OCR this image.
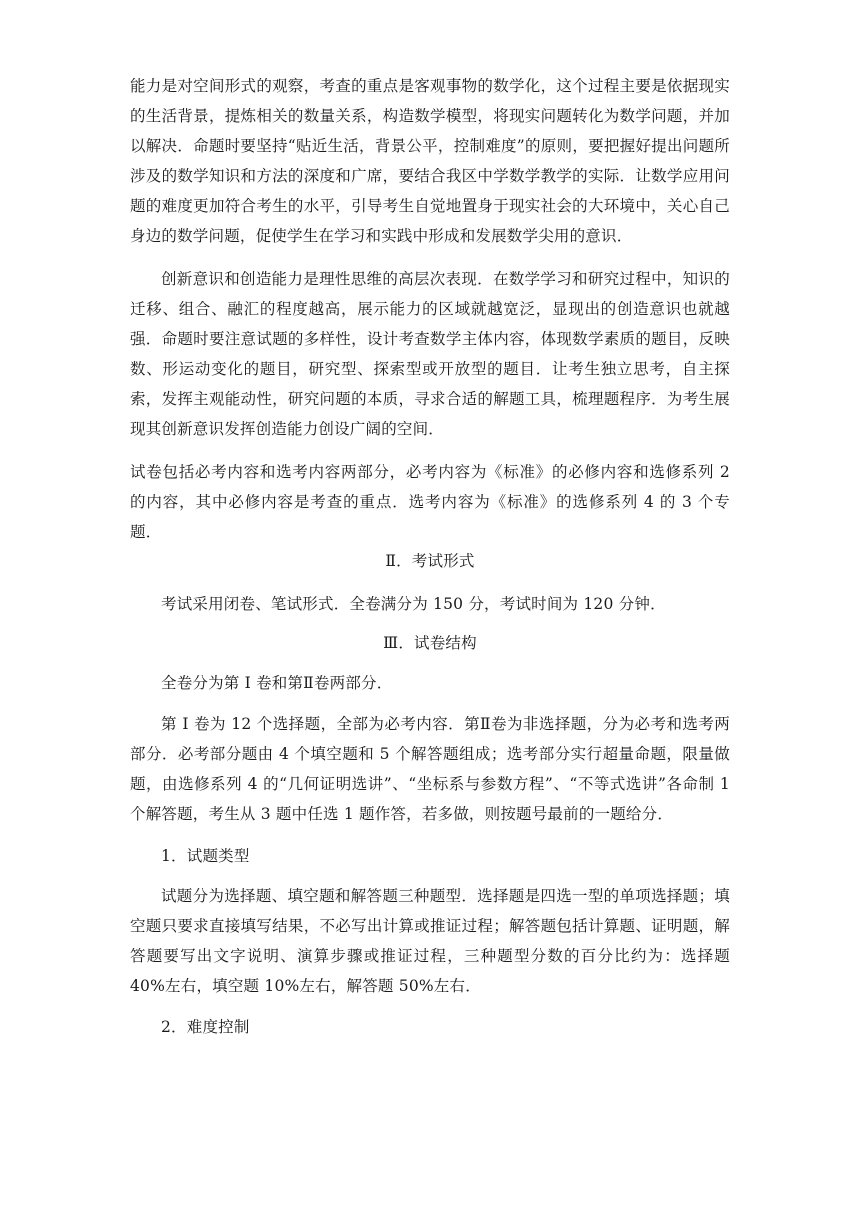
能力是对空间形式的观察，考查的重点是客观事物的数学化，这个过程主要是依据现实的生活背景，提炼相关的数量关系，构造数学模型，将现实问题转化为数学问题，并加以解决．命题时要坚持“贴近生活，背景公平，控制难度”的原则，要把握好提出问题所涉及的数学知识和方法的深度和广席，要结合我区中学数学教学的实际．让数学应用问题的难度更加符合考生的水平，引导考生自觉地置身于现实社会的大环境中，关心自己身边的数学问题，促使学生在学习和实践中形成和发展数学尖用的意识．

创新意识和创造能力是理性思维的高层次表现．在数学学习和研究过程中，知识的迁移、组合、融汇的程度越高，展示能力的区域就越宽泛，显现出的创造意识也就越强．命题时要注意试题的多样性，设计考查数学主体内容，体现数学素质的题目，反映数、形运动变化的题目，研究型、探索型或开放型的题目．让考生独立思考，自主探索，发挥主观能动性，研究问题的本质，寻求合适的解题工具，梳理题程序．为考生展现其创新意识发挥创造能力创设广阔的空间．

试卷包括必考内容和选考内容两部分，必考内容为《标准》的必修内容和选修系列 2 的内容，其中必修内容是考查的重点．选考内容为《标准》的选修系列 4 的 3 个专题．

Ⅱ．考试形式

考试采用闭卷、笔试形式．全卷满分为 150 分，考试时间为 120 分钟．

Ⅲ．试卷结构

全卷分为第 I 卷和第Ⅱ卷两部分．

第 I 卷为 12 个选择题，全部为必考内容．第Ⅱ卷为非选择题，分为必考和选考两部分．必考部分题由 4 个填空题和 5 个解答题组成；选考部分实行超量命题，限量做题，由选修系列 4 的“几何证明选讲”、“坐标系与参数方程”、“不等式选讲”各命制 1 个解答题，考生从 3 题中任选 1 题作答，若多做，则按题号最前的一题给分．

1．试题类型

试题分为选择题、填空题和解答题三种题型．选择题是四选一型的单项选择题；填空题只要求直接填写结果，不必写出计算或推证过程；解答题包括计算题、证明题，解答题要写出文字说明、演算步骤或推证过程，三种题型分数的百分比约为：选择题 40%左右，填空题 10%左右，解答题 50%左右．

2．难度控制
